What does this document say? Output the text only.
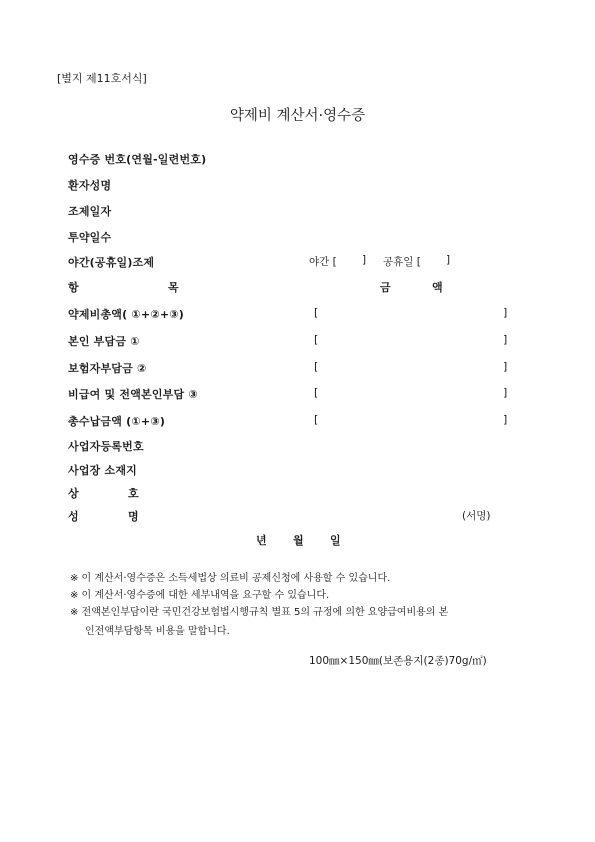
[별지 제11호서식]
약제비 계산서·영수증
영수증 번호(연월-일련번호)
환자성명
조제일자
투약일수
야간(공휴일)조제	야간 [ ] 공휴일 [ ]
항	목	금	액
약제비총액( ①+②+③)	[	]
본인 부담금 ①	[	]
보험자부담금 ②	[	]
비급여 및 전액본인부담 ③	[	]
총수납금액 (①+③)	[	]
사업자등록번호
사업장 소재지
상	호
성	명	(서명)
년 월 일
※ 이 계산서·영수증은 소득세법상 의료비 공제신청에 사용할 수 있습니다.
※ 이 계산서·영수증에 대한 세부내역을 요구할 수 있습니다.
※ 전액본인부담이란 국민건강보험법시행규칙 별표 5의 규정에 의한 요양급여비용의 본
인전액부담항목 비용을 말합니다.
100㎜×150㎜(보존용지(2종)70g/㎡)
